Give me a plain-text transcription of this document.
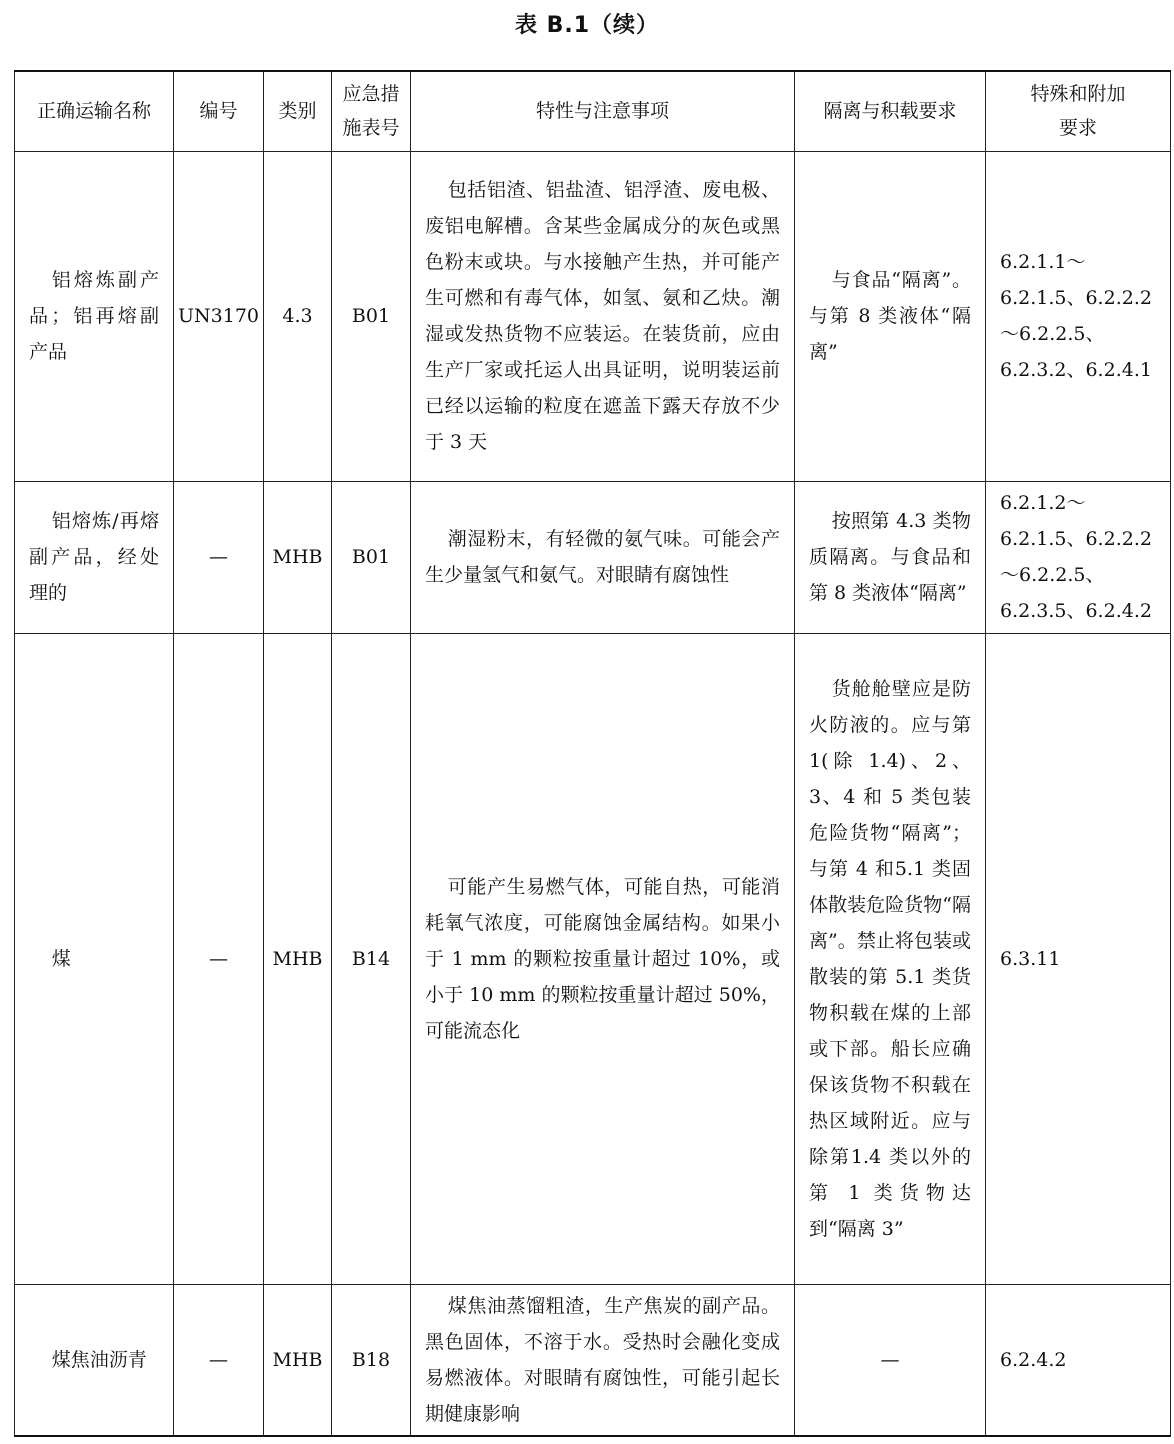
表 B.1（续）
正确运输名称	编号	类别	应急措施表号	特性与注意事项	隔离与积载要求	特殊和附加要求
铝熔炼副产品；铝再熔副产品	UN3170	4.3	B01	包括铝渣、铝盐渣、铝浮渣、废电极、废铝电解槽。含某些金属成分的灰色或黑色粉末或块。与水接触产生热，并可能产生可燃和有毒气体，如氢、氨和乙炔。潮湿或发热货物不应装运。在装货前，应由生产厂家或托运人出具证明，说明装运前已经以运输的粒度在遮盖下露天存放不少于 3 天	与食品“隔离”。与第 8 类液体“隔离”	6.2.1.1～6.2.1.5、6.2.2.2～6.2.2.5、6.2.3.2、6.2.4.1
铝熔炼/再熔副产品，经处理的	—	MHB	B01	潮湿粉末，有轻微的氨气味。可能会产生少量氢气和氨气。对眼睛有腐蚀性	按照第 4.3 类物质隔离。与食品和第 8 类液体“隔离”	6.2.1.2～6.2.1.5、6.2.2.2～6.2.2.5、6.2.3.5、6.2.4.2
煤	—	MHB	B14	可能产生易燃气体，可能自热，可能消耗氧气浓度，可能腐蚀金属结构。如果小于 1 mm 的颗粒按重量计超过 10%，或小于 10 mm 的颗粒按重量计超过 50%，可能流态化	货舱舱壁应是防火防液的。应与第 1(除 1.4)、2、3、4 和 5 类包装危险货物“隔离”；与第 4 和5.1 类固体散装危险货物“隔离”。禁止将包装或散装的第 5.1 类货物积载在煤的上部或下部。船长应确保该货物不积载在热区域附近。应与除第1.4 类以外的第 1 类货物达到“隔离 3”	6.3.11
煤焦油沥青	—	MHB	B18	煤焦油蒸馏粗渣，生产焦炭的副产品。黑色固体，不溶于水。受热时会融化变成易燃液体。对眼睛有腐蚀性，可能引起长期健康影响	—	6.2.4.2
